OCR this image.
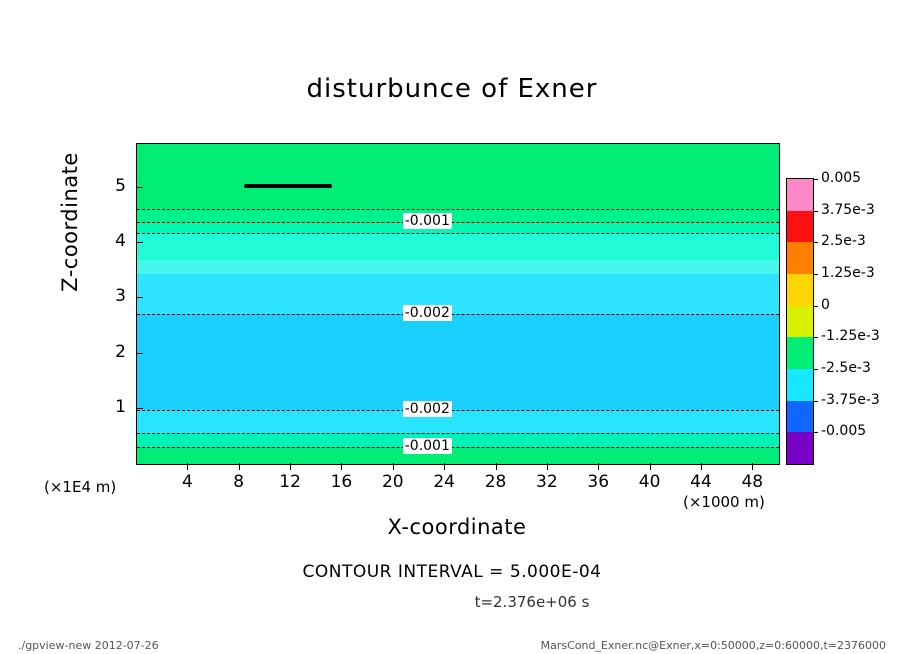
disturbunce of Exner
-0.001
-0.002
-0.002
-0.001
4	8	12	16	20	24	28	32	36	40	44	48
1
2
3
4
5
Z-coordinate
X-coordinate
(×1E4 m)
(×1000 m)
CONTOUR INTERVAL = 5.000E-04
t=2.376e+06 s
./gpview-new 2012-07-26	MarsCond_Exner.nc@Exner,x=0:50000,z=0:60000,t=2376000
0.005
3.75e-3
2.5e-3
1.25e-3
0
-1.25e-3
-2.5e-3
-3.75e-3
-0.005
